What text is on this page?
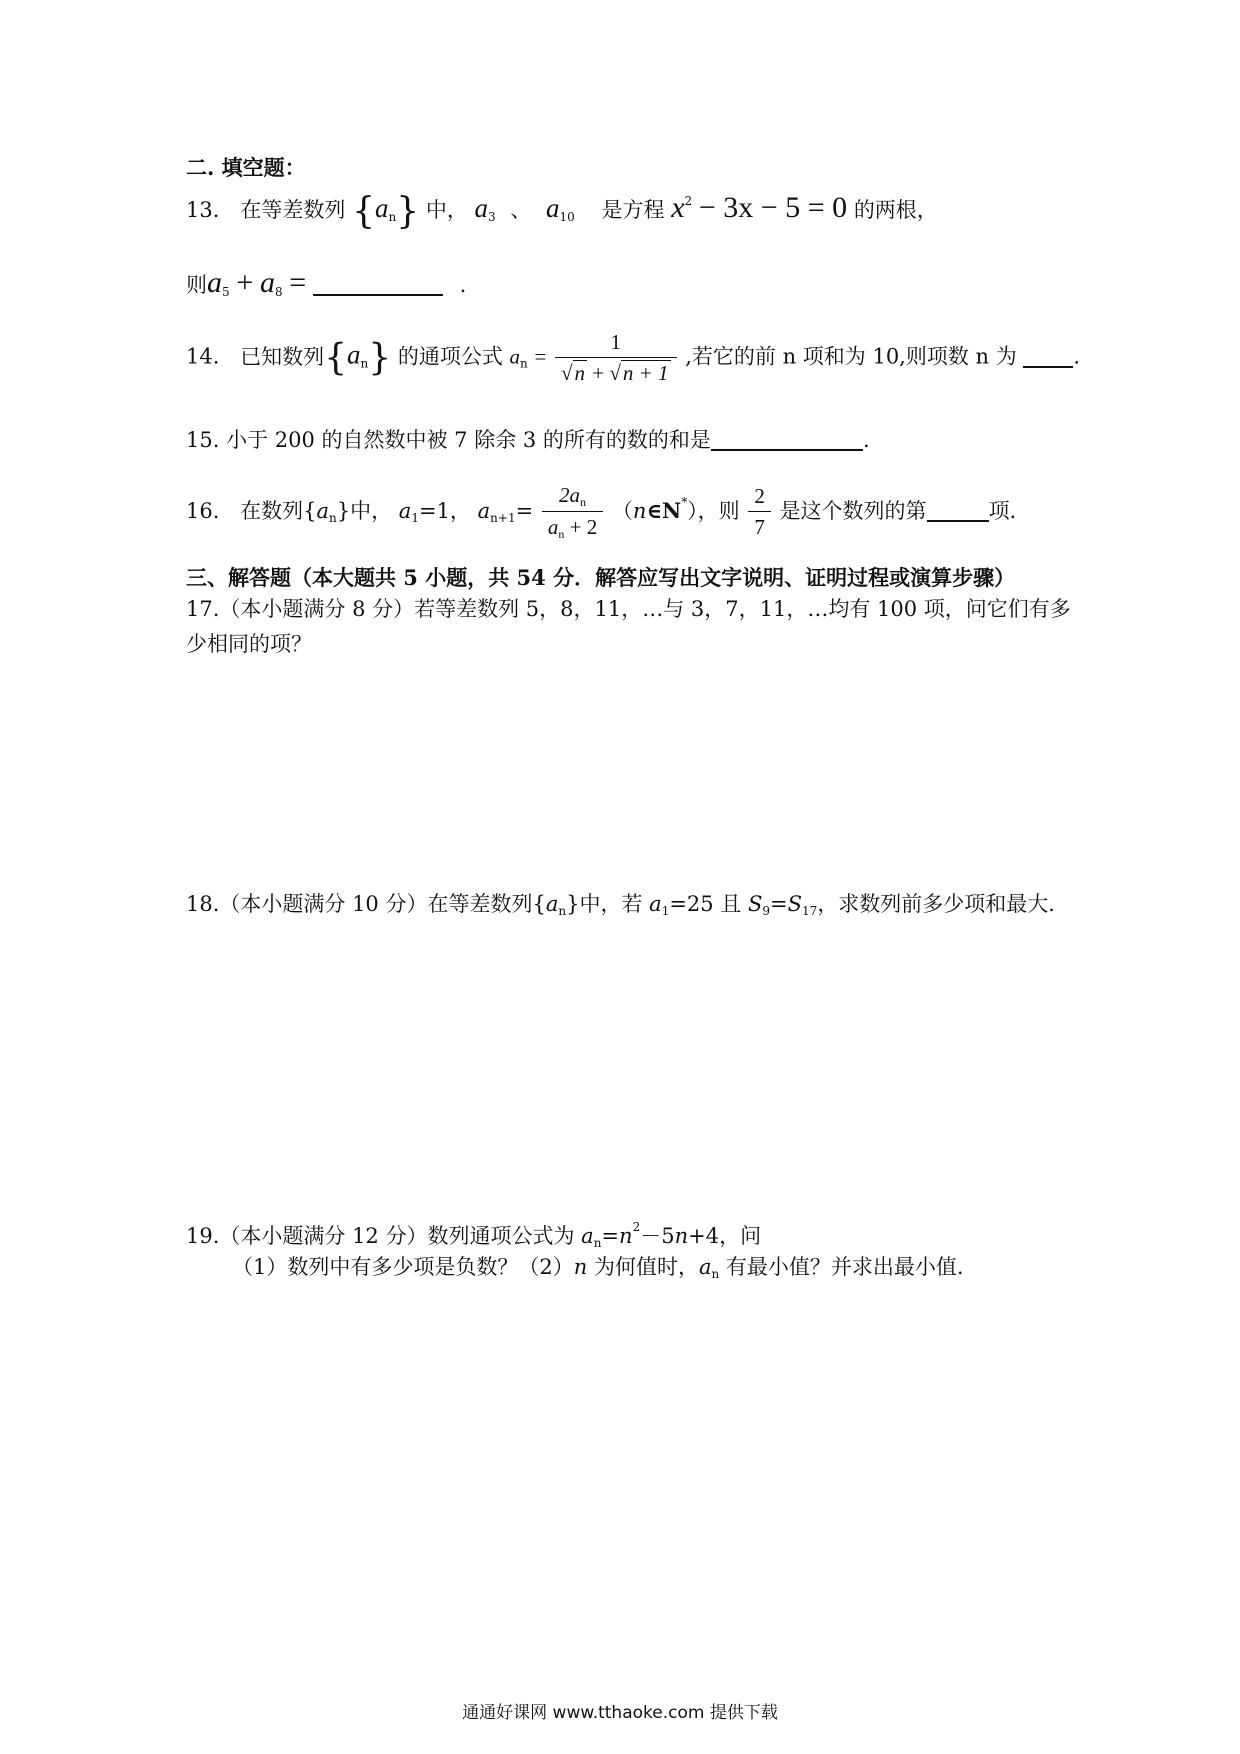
二. 填空题：
13． 在等差数列 $\{a_n\}$ 中， $a_3$ 、 $a_{10}$ 是方程 $x^2 - 3x - 5 = 0$ 的两根，
则$a_5 + a_8$ =	.
14. 已知数列$\{a_n\}$ 的通项公式 $a_n = \frac{1}{√n + √n + 1}$ ,若它的前 n 项和为 10,则项数 n 为	.
15. 小于 200 的自然数中被 7 除余 3 的所有的数的和是	.
16. 在数列$\{a_n\}$中， $a_1=1$， $a_{n+1}= \frac{2a_n}{a_n + 2}$ （n∈N*），则 $\frac{2}{7}$ 是这个数列的第	项.
三、解答题（本大题共 5 小题，共 54 分．解答应写出文字说明、证明过程或演算步骤）
17.（本小题满分 8 分）若等差数列 5，8，11，…与 3，7，11，…均有 100 项，问它们有多
少相同的项？
18.（本小题满分 10 分）在等差数列$\{a_n\}$中，若 $a_1=25$ 且 $S_9=S_{17}$，求数列前多少项和最大.
19.（本小题满分 12 分）数列通项公式为 $a_n=n^2-5n+4$，问
（1）数列中有多少项是负数？（2）n 为何值时，$a_n$ 有最小值？并求出最小值.
通通好课网 www.tthaoke.com 提供下载
